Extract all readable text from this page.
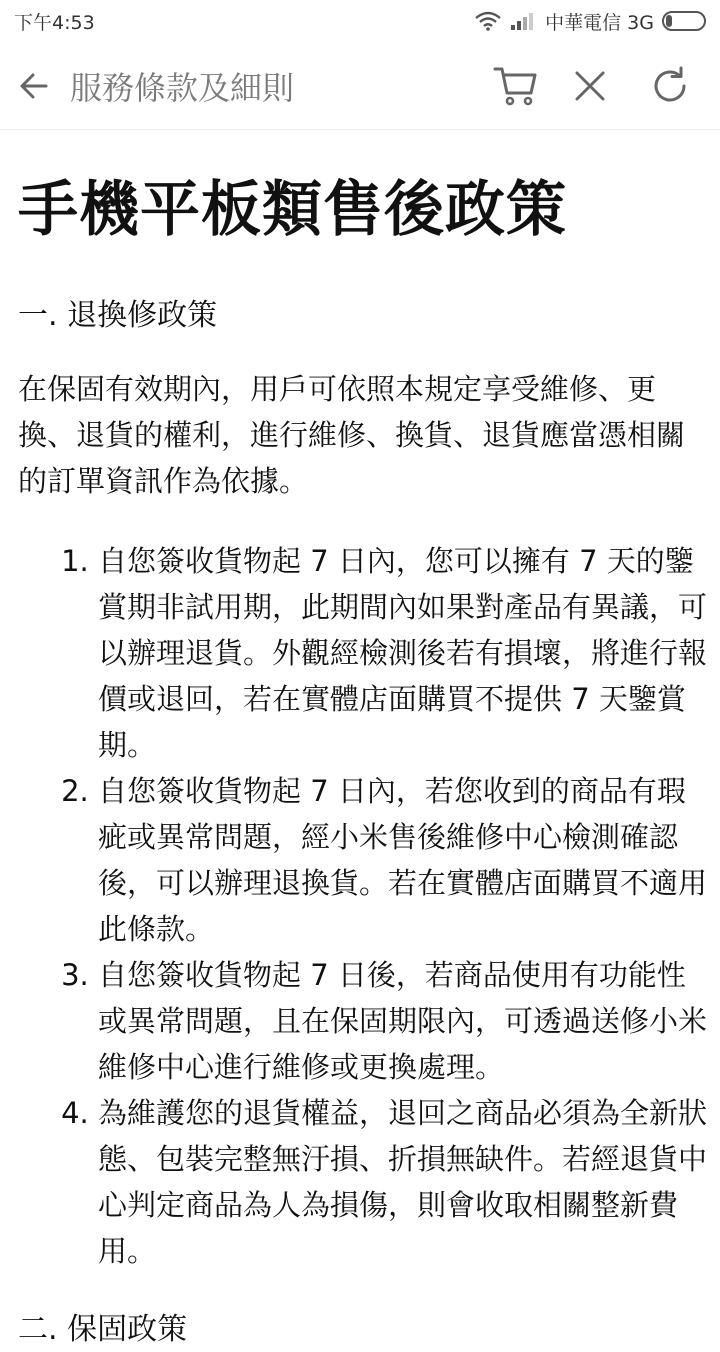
下午4:53	中華電信 3G
服務條款及細則
手機平板類售後政策
一. 退換修政策

在保固有效期內，用戶可依照本規定享受維修、更換、退貨的權利，進行維修、換貨、退貨應當憑相關的訂單資訊作為依據。

1. 自您簽收貨物起 7 日內，您可以擁有 7 天的鑒賞期非試用期，此期間內如果對產品有異議，可以辦理退貨。外觀經檢測後若有損壞，將進行報價或退回，若在實體店面購買不提供 7 天鑒賞期。
2. 自您簽收貨物起 7 日內，若您收到的商品有瑕疵或異常問題，經小米售後維修中心檢測確認後，可以辦理退換貨。若在實體店面購買不適用此條款。
3. 自您簽收貨物起 7 日後，若商品使用有功能性或異常問題，且在保固期限內，可透過送修小米維修中心進行維修或更換處理。
4. 為維護您的退貨權益，退回之商品必須為全新狀態、包裝完整無汙損、折損無缺件。若經退貨中心判定商品為人為損傷，則會收取相關整新費用。
二. 保固政策
